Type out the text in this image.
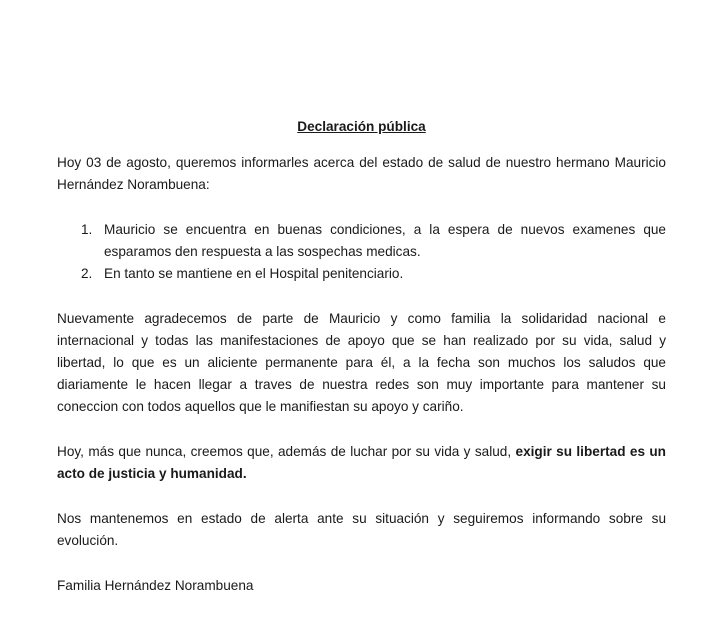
Declaración pública

Hoy 03 de agosto, queremos informarles acerca del estado de salud de nuestro hermano Mauricio Hernández Norambuena:

1. Mauricio se encuentra en buenas condiciones, a la espera de nuevos examenes que esparamos den respuesta a las sospechas medicas.
2. En tanto se mantiene en el Hospital penitenciario.

Nuevamente agradecemos de parte de Mauricio y como familia la solidaridad nacional e internacional y todas las manifestaciones de apoyo que se han realizado por su vida, salud y libertad, lo que es un aliciente permanente para él, a la fecha son muchos los saludos que diariamente le hacen llegar a traves de nuestra redes son muy importante para mantener su coneccion con todos aquellos que le manifiestan su apoyo y cariño.

Hoy, más que nunca, creemos que, además de luchar por su vida y salud, exigir su libertad es un acto de justicia y humanidad.

Nos mantenemos en estado de alerta ante su situación y seguiremos informando sobre su evolución.

Familia Hernández Norambuena
